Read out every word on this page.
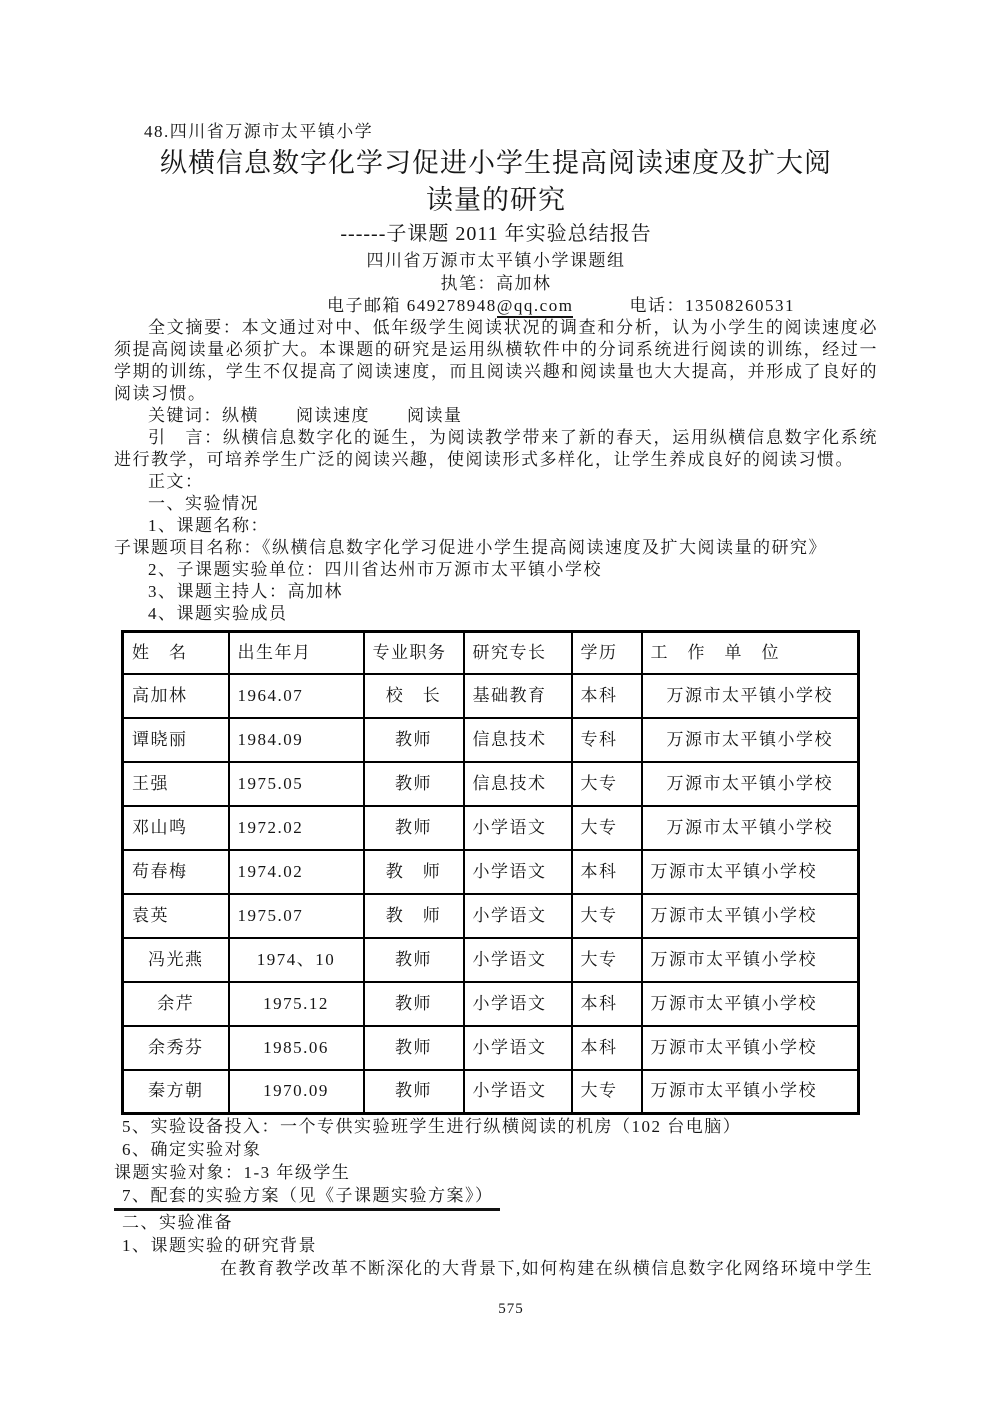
48.四川省万源市太平镇小学
纵横信息数字化学习促进小学生提高阅读速度及扩大阅
读量的研究
------子课题 2011 年实验总结报告
四川省万源市太平镇小学课题组
执笔：高加林
电子邮箱 649278948@qq.com	电话：13508260531

全文摘要：本文通过对中、低年级学生阅读状况的调查和分析，认为小学生的阅读速度必须提高阅读量必须扩大。本课题的研究是运用纵横软件中的分词系统进行阅读的训练，经过一学期的训练，学生不仅提高了阅读速度，而且阅读兴趣和阅读量也大大提高，并形成了良好的阅读习惯。

关键词：纵横　　阅读速度　　阅读量

引　言：纵横信息数字化的诞生，为阅读教学带来了新的春天，运用纵横信息数字化系统进行教学，可培养学生广泛的阅读兴趣，使阅读形式多样化，让学生养成良好的阅读习惯。

正文：

一、实验情况

1、课题名称：

子课题项目名称：《纵横信息数字化学习促进小学生提高阅读速度及扩大阅读量的研究》

2、子课题实验单位：四川省达州市万源市太平镇小学校

3、课题主持人：高加林

4、课题实验成员

姓　名	出生年月	专业职务	研究专长	学历	工　作　单　位
高加林	1964.07	校　长	基础教育	本科	万源市太平镇小学校
谭晓丽	1984.09	教师	信息技术	专科	万源市太平镇小学校
王强	1975.05	教师	信息技术	大专	万源市太平镇小学校
邓山鸣	1972.02	教师	小学语文	大专	万源市太平镇小学校
苟春梅	1974.02	教　师	小学语文	本科	万源市太平镇小学校
袁英	1975.07	教　师	小学语文	大专	万源市太平镇小学校
冯光燕	1974、10	教师	小学语文	大专	万源市太平镇小学校
余芹	1975.12	教师	小学语文	本科	万源市太平镇小学校
余秀芬	1985.06	教师	小学语文	本科	万源市太平镇小学校
秦方朝	1970.09	教师	小学语文	大专	万源市太平镇小学校

5、实验设备投入：一个专供实验班学生进行纵横阅读的机房（102 台电脑）

6、确定实验对象

课题实验对象：1-3 年级学生

7、配套的实验方案（见《子课题实验方案》）

二、实验准备

1、课题实验的研究背景

在教育教学改革不断深化的大背景下,如何构建在纵横信息数字化网络环境中学生

575
